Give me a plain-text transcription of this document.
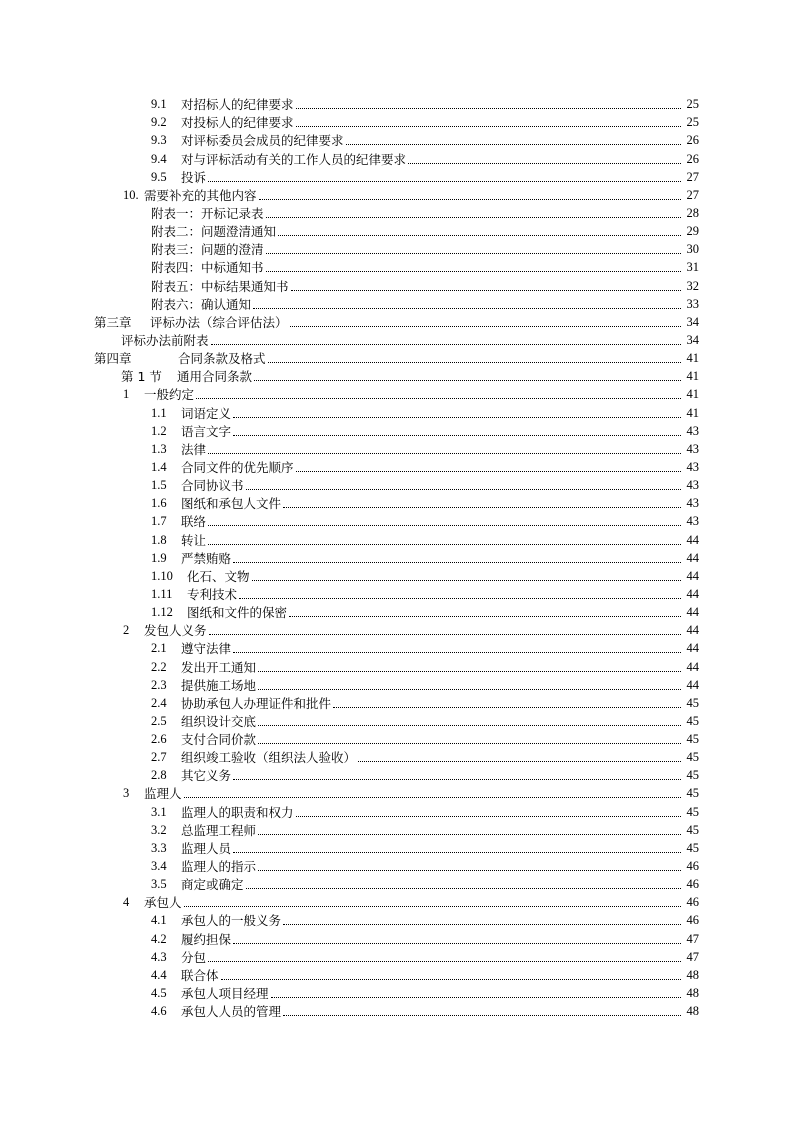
9.1	对招标人的纪律要求	25
9.2	对投标人的纪律要求	25
9.3	对评标委员会成员的纪律要求	26
9.4	对与评标活动有关的工作人员的纪律要求	26
9.5	投诉	27
10. 需要补充的其他内容	27
附表一：开标记录表	28
附表二：问题澄清通知	29
附表三：问题的澄清	30
附表四：中标通知书	31
附表五：中标结果通知书	32
附表六：确认通知	33
第三章	评标办法（综合评估法）	34
评标办法前附表	34
第四章	合同条款及格式	41
第 1 节	通用合同条款	41
1	一般约定	41
1.1	词语定义	41
1.2	语言文字	43
1.3	法律	43
1.4	合同文件的优先顺序	43
1.5	合同协议书	43
1.6	图纸和承包人文件	43
1.7	联络	43
1.8	转让	44
1.9	严禁贿赂	44
1.10	化石、文物	44
1.11	专利技术	44
1.12	图纸和文件的保密	44
2	发包人义务	44
2.1	遵守法律	44
2.2	发出开工通知	44
2.3	提供施工场地	44
2.4	协助承包人办理证件和批件	45
2.5	组织设计交底	45
2.6	支付合同价款	45
2.7	组织竣工验收（组织法人验收）	45
2.8	其它义务	45
3	监理人	45
3.1	监理人的职责和权力	45
3.2	总监理工程师	45
3.3	监理人员	45
3.4	监理人的指示	46
3.5	商定或确定	46
4	承包人	46
4.1	承包人的一般义务	46
4.2	履约担保	47
4.3	分包	47
4.4	联合体	48
4.5	承包人项目经理	48
4.6	承包人人员的管理	48
